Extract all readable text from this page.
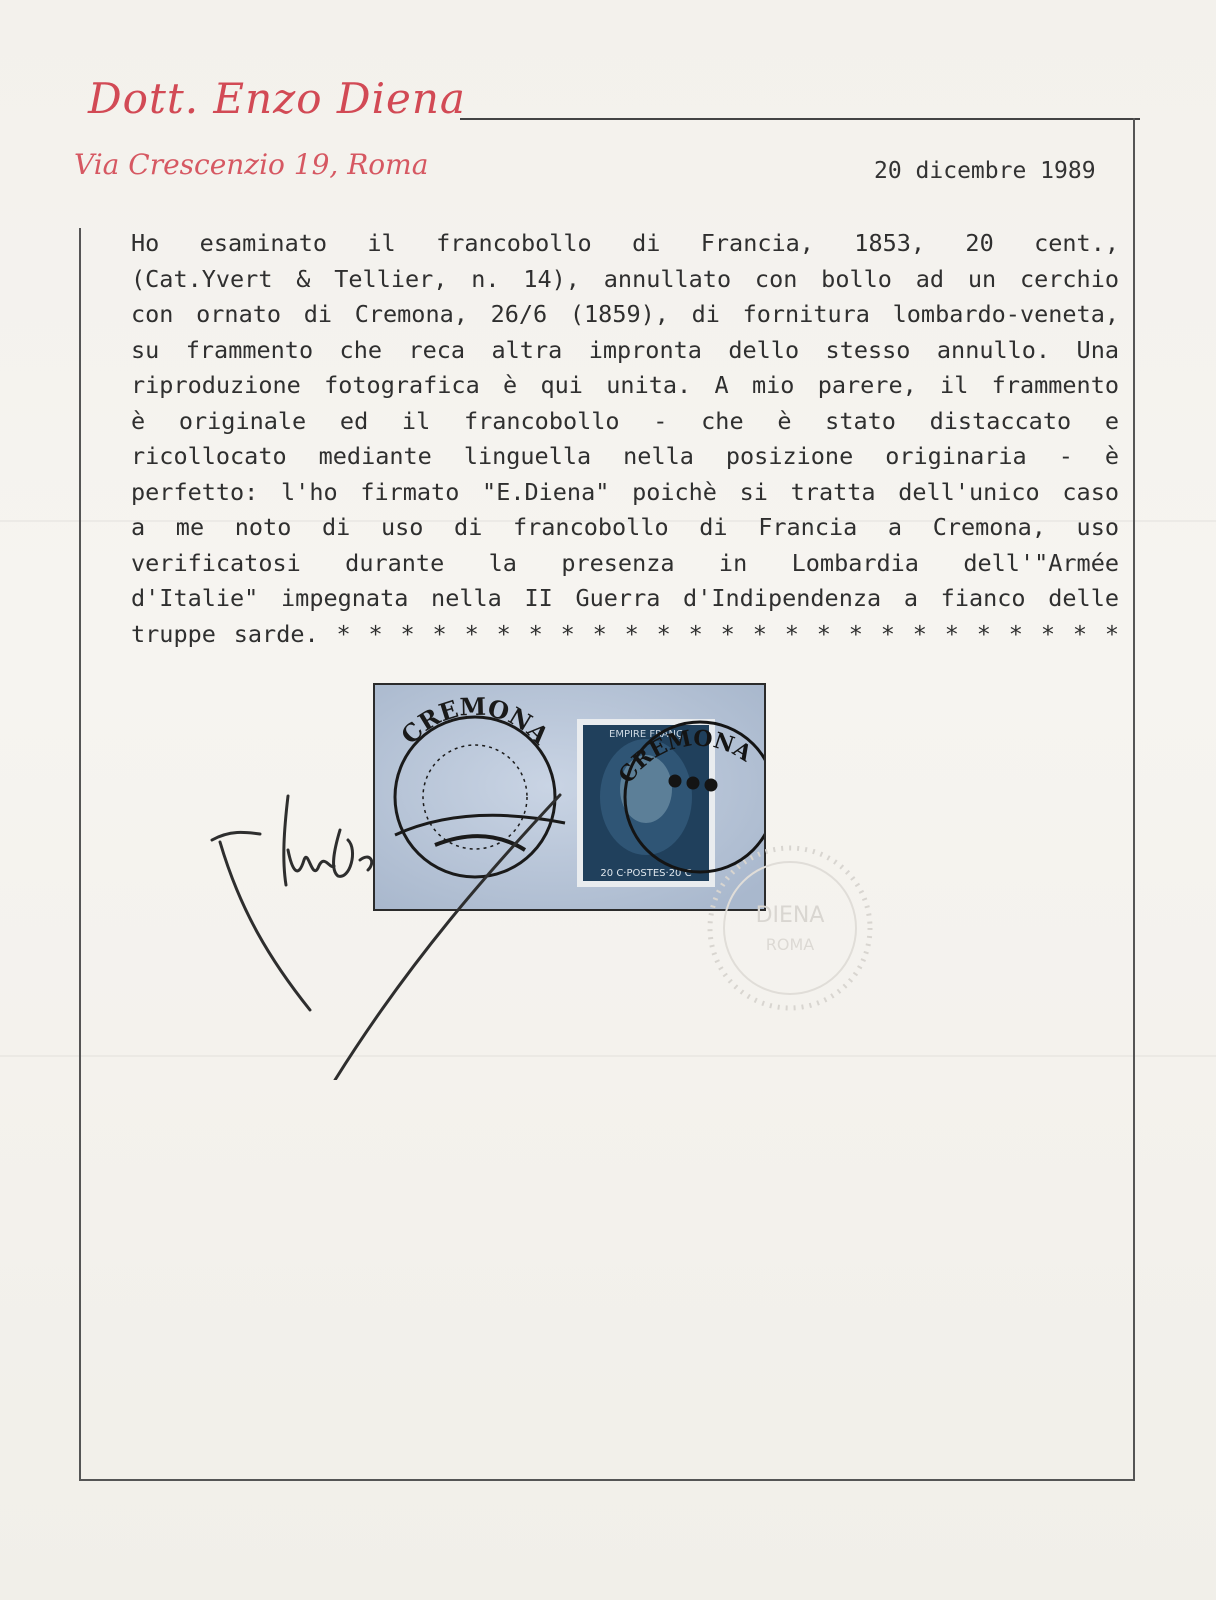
Dott. Enzo Diena
Via Crescenzio 19, Roma	20 dicembre 1989
Ho esaminato il francobollo di Francia, 1853, 20 cent.,
(Cat.Yvert & Tellier, n. 14), annullato con bollo ad un cerchio
con ornato di Cremona, 26/6 (1859), di fornitura lombardo-veneta,
su frammento che reca altra impronta dello stesso annullo. Una
riproduzione fotografica è qui unita. A mio parere, il frammento
è originale ed il francobollo - che è stato distaccato e
ricollocato mediante linguella nella posizione originaria - è
perfetto: l'ho firmato "E.Diena" poichè si tratta dell'unico caso
a me noto di uso di francobollo di Francia a Cremona, uso
verificatosi durante la presenza in Lombardia dell'"Armée
d'Italie" impegnata nella II Guerra d'Indipendenza a fianco delle
truppe sarde. * * * * * * * * * * * * * * * * * * * * * * * * *
EMPIRE FRANÇ
20 C·POSTES·20 C
CREMONA
CREMONA
DIENA
ROMA
